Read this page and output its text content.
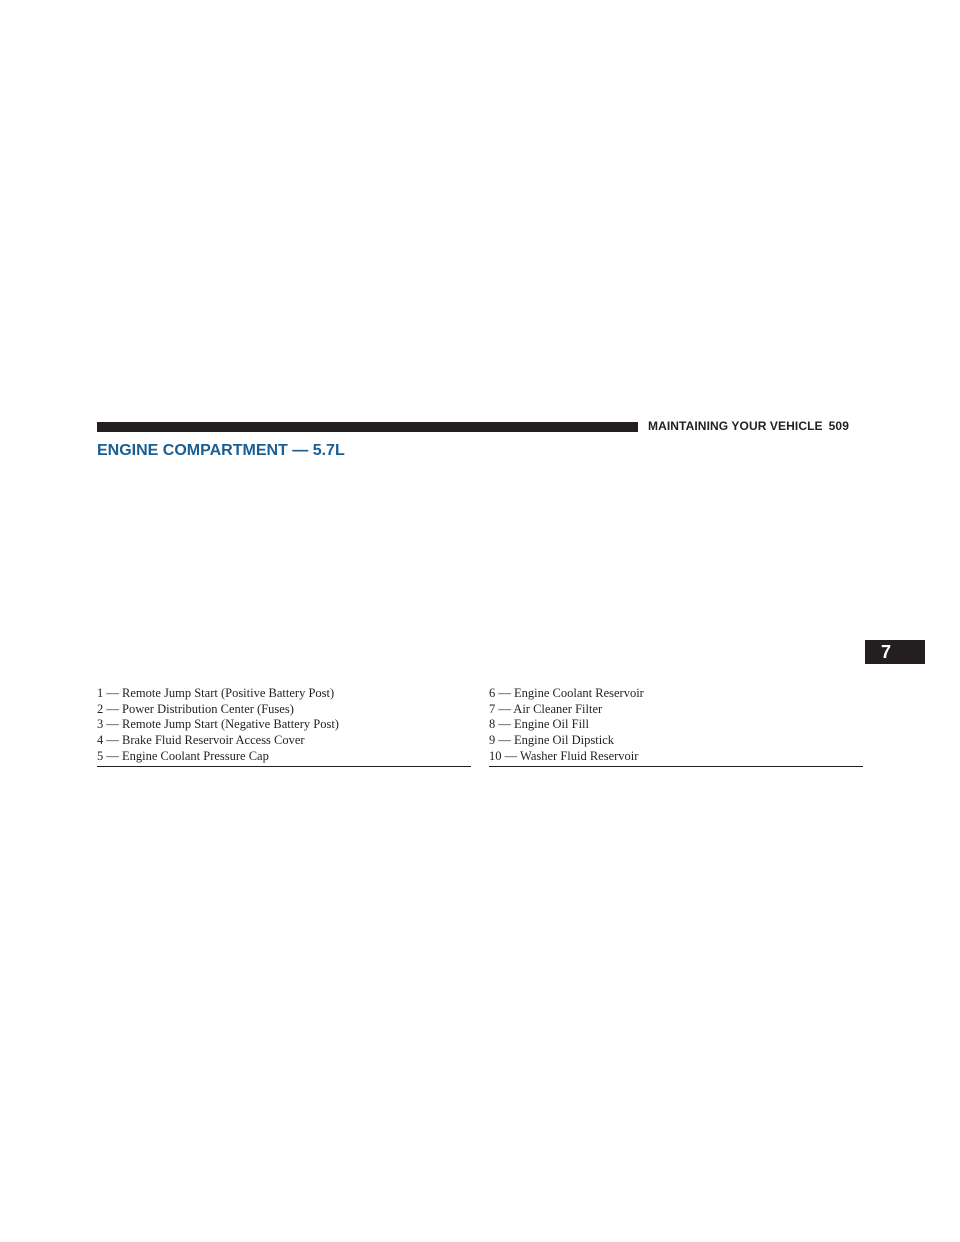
MAINTAINING YOUR VEHICLE 509
ENGINE COMPARTMENT — 5.7L
7
1 — Remote Jump Start (Positive Battery Post)
2 — Power Distribution Center (Fuses)
3 — Remote Jump Start (Negative Battery Post)
4 — Brake Fluid Reservoir Access Cover
5 — Engine Coolant Pressure Cap
6 — Engine Coolant Reservoir
7 — Air Cleaner Filter
8 — Engine Oil Fill
9 — Engine Oil Dipstick
10 — Washer Fluid Reservoir
